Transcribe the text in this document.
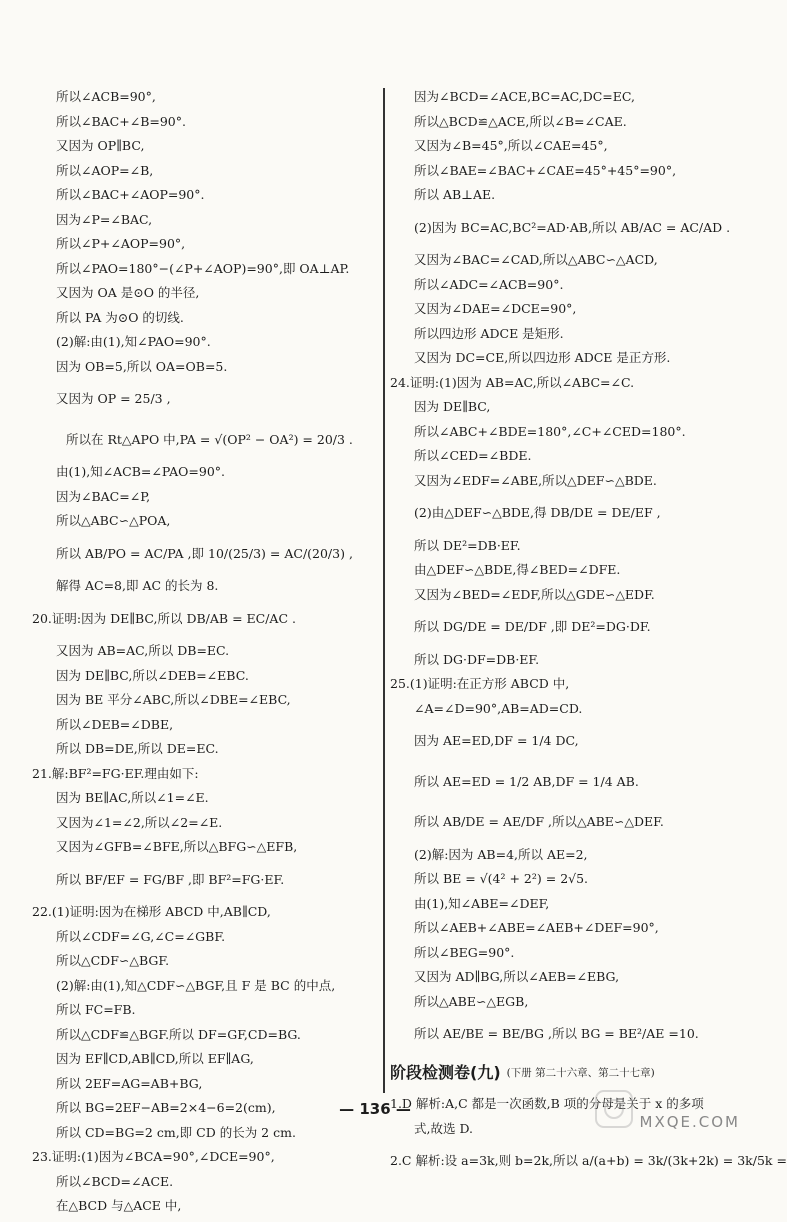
所以∠ACB=90°,
所以∠BAC+∠B=90°.
又因为 OP∥BC,
所以∠AOP=∠B,
所以∠BAC+∠AOP=90°.
因为∠P=∠BAC,
所以∠P+∠AOP=90°,
所以∠PAO=180°−(∠P+∠AOP)=90°,即 OA⊥AP.
又因为 OA 是⊙O 的半径,
所以 PA 为⊙O 的切线.
(2)解:由(1),知∠PAO=90°.
因为 OB=5,所以 OA=OB=5.
又因为 OP = 25/3 ,
所以在 Rt△APO 中,PA = √(OP² − OA²) = 20/3 .
由(1),知∠ACB=∠PAO=90°.
因为∠BAC=∠P,
所以△ABC∽△POA,
所以 AB/PO = AC/PA ,即 10/(25/3) = AC/(20/3) ,
解得 AC=8,即 AC 的长为 8.
20.证明:因为 DE∥BC,所以 DB/AB = EC/AC .
又因为 AB=AC,所以 DB=EC.
因为 DE∥BC,所以∠DEB=∠EBC.
因为 BE 平分∠ABC,所以∠DBE=∠EBC,
所以∠DEB=∠DBE,
所以 DB=DE,所以 DE=EC.
21.解:BF²=FG·EF.理由如下:
因为 BE∥AC,所以∠1=∠E.
又因为∠1=∠2,所以∠2=∠E.
又因为∠GFB=∠BFE,所以△BFG∽△EFB,
所以 BF/EF = FG/BF ,即 BF²=FG·EF.
22.(1)证明:因为在梯形 ABCD 中,AB∥CD,
所以∠CDF=∠G,∠C=∠GBF.
所以△CDF∽△BGF.
(2)解:由(1),知△CDF∽△BGF,且 F 是 BC 的中点,
所以 FC=FB.
所以△CDF≌△BGF.所以 DF=GF,CD=BG.
因为 EF∥CD,AB∥CD,所以 EF∥AG,
所以 2EF=AG=AB+BG,
所以 BG=2EF−AB=2×4−6=2(cm),
所以 CD=BG=2 cm,即 CD 的长为 2 cm.
23.证明:(1)因为∠BCA=90°,∠DCE=90°,
所以∠BCD=∠ACE.
在△BCD 与△ACE 中,
因为∠BCD=∠ACE,BC=AC,DC=EC,
所以△BCD≌△ACE,所以∠B=∠CAE.
又因为∠B=45°,所以∠CAE=45°,
所以∠BAE=∠BAC+∠CAE=45°+45°=90°,
所以 AB⊥AE.
(2)因为 BC=AC,BC²=AD·AB,所以 AB/AC = AC/AD .
又因为∠BAC=∠CAD,所以△ABC∽△ACD,
所以∠ADC=∠ACB=90°.
又因为∠DAE=∠DCE=90°,
所以四边形 ADCE 是矩形.
又因为 DC=CE,所以四边形 ADCE 是正方形.
24.证明:(1)因为 AB=AC,所以∠ABC=∠C.
因为 DE∥BC,
所以∠ABC+∠BDE=180°,∠C+∠CED=180°.
所以∠CED=∠BDE.
又因为∠EDF=∠ABE,所以△DEF∽△BDE.
(2)由△DEF∽△BDE,得 DB/DE = DE/EF ,
所以 DE²=DB·EF.
由△DEF∽△BDE,得∠BED=∠DFE.
又因为∠BED=∠EDF,所以△GDE∽△EDF.
所以 DG/DE = DE/DF ,即 DE²=DG·DF.
所以 DG·DF=DB·EF.
25.(1)证明:在正方形 ABCD 中,
∠A=∠D=90°,AB=AD=CD.
因为 AE=ED,DF = 1/4 DC,
所以 AE=ED = 1/2 AB,DF = 1/4 AB.
所以 AB/DE = AE/DF ,所以△ABE∽△DEF.
(2)解:因为 AB=4,所以 AE=2,
所以 BE = √(4² + 2²) = 2√5.
由(1),知∠ABE=∠DEF,
所以∠AEB+∠ABE=∠AEB+∠DEF=90°,
所以∠BEG=90°.
又因为 AD∥BG,所以∠AEB=∠EBG,
所以△ABE∽△EGB,
所以 AE/BE = BE/BG ,所以 BG = BE²/AE =10.
阶段检测卷(九) (下册 第二十六章、第二十七章)
1.D 解析:A,C 都是一次函数,B 项的分母是关于 x 的多项
式,故选 D.
2.C 解析:设 a=3k,则 b=2k,所以 a/(a+b) = 3k/(3k+2k) = 3k/5k =
— 136 —
MXQE.COM
